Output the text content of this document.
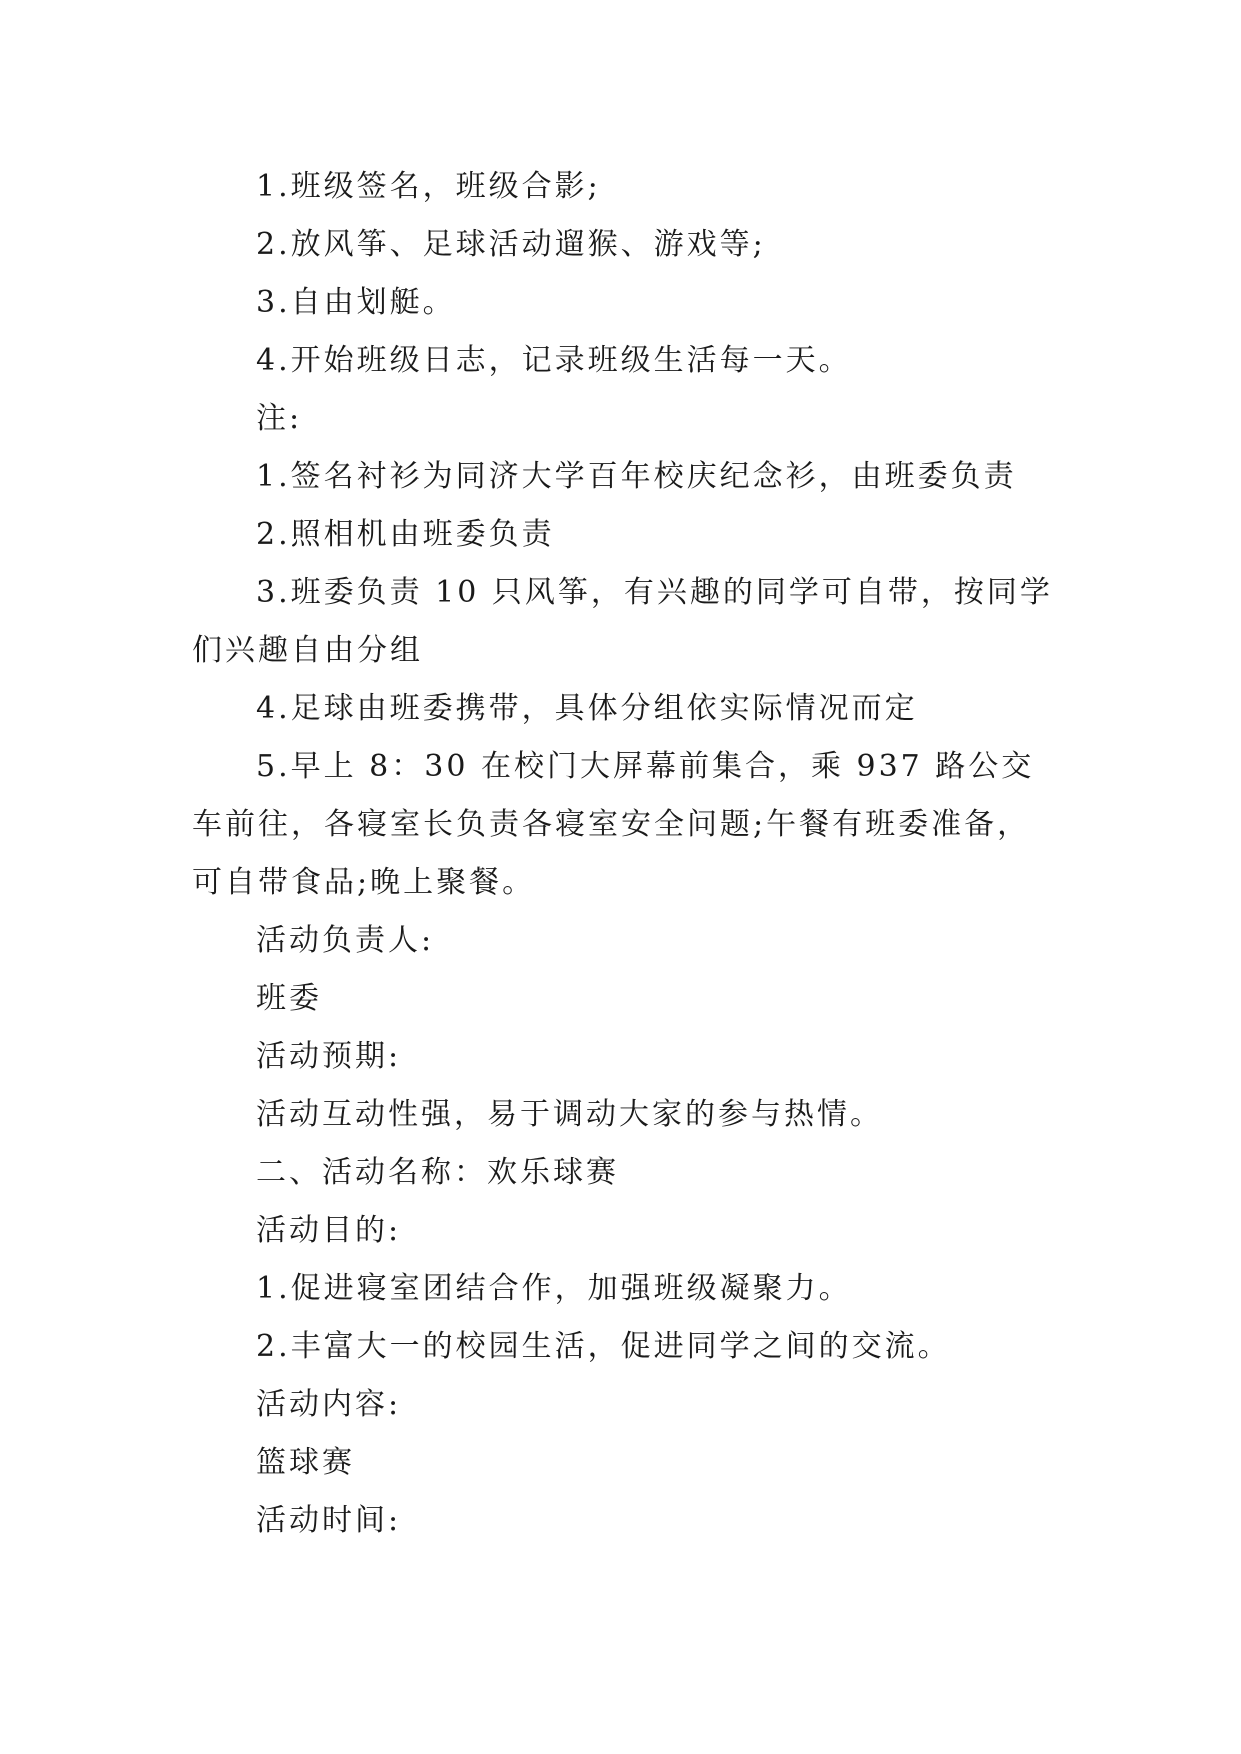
1.班级签名，班级合影;

2.放风筝、足球活动遛猴、游戏等;

3.自由划艇。

4.开始班级日志，记录班级生活每一天。

注:

1.签名衬衫为同济大学百年校庆纪念衫，由班委负责

2.照相机由班委负责

3.班委负责 10 只风筝，有兴趣的同学可自带，按同学们兴趣自由分组

4.足球由班委携带，具体分组依实际情况而定

5.早上 8：30 在校门大屏幕前集合，乘 937 路公交车前往，各寝室长负责各寝室安全问题;午餐有班委准备，可自带食品;晚上聚餐。

活动负责人:

班委

活动预期:

活动互动性强，易于调动大家的参与热情。

二、活动名称：欢乐球赛

活动目的:

1.促进寝室团结合作，加强班级凝聚力。

2.丰富大一的校园生活，促进同学之间的交流。

活动内容:

篮球赛

活动时间:
